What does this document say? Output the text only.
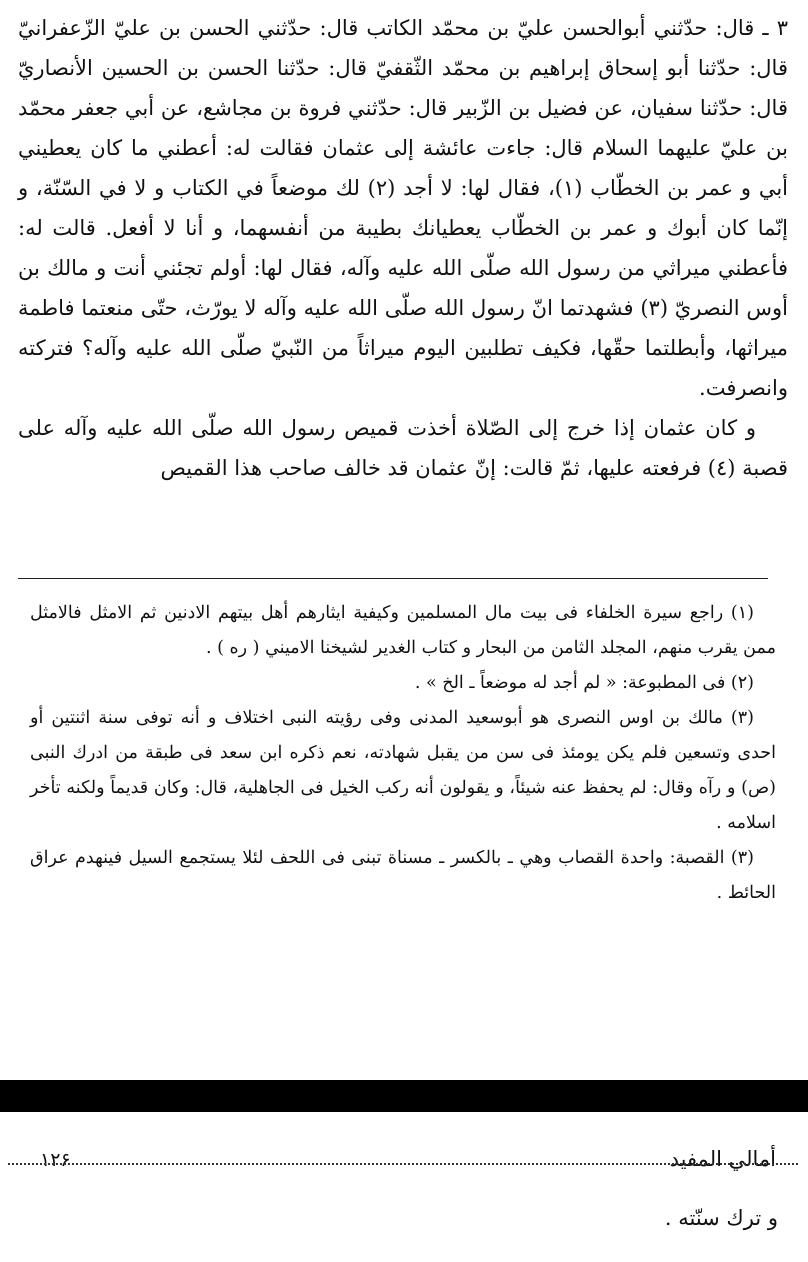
٣ ـ قال: حدّثني أبوالحسن عليّ بن محمّد الكاتب قال: حدّثني الحسن بن عليّ الزّعفرانيّ قال: حدّثنا أبو إسحاق إبراهيم بن محمّد الثّقفيّ قال: حدّثنا الحسن بن الحسين الأنصاريّ قال: حدّثنا سفيان، عن فضيل بن الزّبير قال: حدّثني فروة بن مجاشع، عن أبي جعفر محمّد بن عليّ عليهما السلام قال: جاءت عائشة إلى عثمان فقالت له: أعطني ما كان يعطيني أبي و عمر بن الخطّاب (١)، فقال لها: لا أجد (٢) لك موضعاً في الكتاب و لا في السّنّة، و إنّما كان أبوك و عمر بن الخطّاب يعطيانك بطيبة من أنفسهما، و أنا لا أفعل. قالت له: فأعطني ميراثي من رسول الله صلّى الله عليه وآله، فقال لها: أولم تجئني أنت و مالك بن أوس النصريّ (٣) فشهدتما انّ رسول الله صلّى الله عليه وآله لا يورّث، حتّى منعتما فاطمة ميراثها، وأبطلتما حقّها، فكيف تطلبين اليوم ميراثاً من النّبيّ صلّى الله عليه وآله؟ فتركته وانصرفت.

و كان عثمان إذا خرج إلى الصّلاة أخذت قميص رسول الله صلّى الله عليه وآله على قصبة (٤) فرفعته عليها، ثمّ قالت: إنّ عثمان قد خالف صاحب هذا القميص

(١) راجع سيرة الخلفاء فى بيت مال المسلمين وكيفية ايثارهم أهل بيتهم الادنين ثم الامثل فالامثل ممن يقرب منهم، المجلد الثامن من البحار و كتاب الغدير لشيخنا الاميني ( ره ) .

(٢) فى المطبوعة: « لم أجد له موضعاً ـ الخ » .

(٣) مالك بن اوس النصرى هو أبوسعيد المدنى وفى رؤيته النبى اختلاف و أنه توفى سنة اثنتين أو احدى وتسعين فلم يكن يومئذ فى سن من يقبل شهادته، نعم ذكره ابن سعد فى طبقة من ادرك النبى (ص) و رآه وقال: لم يحفظ عنه شيئاً، و يقولون أنه ركب الخيل فى الجاهلية، قال: وكان قديماً ولكنه تأخر اسلامه .

(٣) القصبة: واحدة القصاب وهي ـ بالكسر ـ مسناة تبنى فى اللحف لئلا يستجمع السيل فينهدم عراق الحائط .

أمالي المفيد
١٢۶
و ترك سنّته .
